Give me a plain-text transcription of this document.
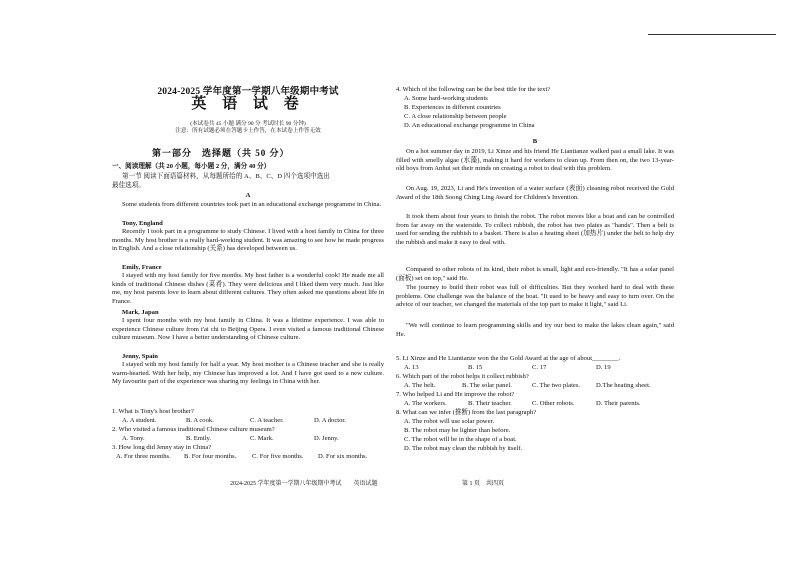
2024-2025 学年度第一学期八年级期中考试
英 语 试 卷
(本试卷共 45 小题 满分 90 分 考试时长 90 分钟)
注意：所有试题必须在答题卡上作答，在本试卷上作答无效
第一部分　选择题（共 50 分）
一、阅读理解（共 20 小题，每小题 2 分，满分 40 分）
第一节 阅读下面语篇材料，从每题所给的 A、B、C、D 四个选项中选出
最佳选项。
A
Some students from different countries took part in an educational exchange programme in China.
Tony, England
Recently I took part in a programme to study Chinese. I lived with a host family in China for three months. My host brother is a really hard-working student. It was amazing to see how he made progress in English. And a close relationship (关系) has developed between us.
Emily, France
I stayed with my host family for five months. My host father is a wonderful cook! He made me all kinds of traditional Chinese dishes (菜肴). They were delicious and I liked them very much. Just like me, my host parents love to learn about different cultures. They often asked me questions about life in France.
Mark, Japan
I spent four months with my host family in China. It was a lifetime experience. I was able to experience Chinese culture from t'ai chi to Beijing Opera. I even visited a famous traditional Chinese culture museum. Now I have a better understanding of Chinese culture.
Jenny, Spain
I stayed with my host family for half a year. My host mother is a Chinese teacher and she is really warm-hearted. With her help, my Chinese has improved a lot. And I have got used to a new culture. My favourite part of the experience was sharing my feelings in China with her.
1. What is Tony's host brother?
A. A student.	B. A cook.	C. A teacher.	D. A doctor.
2. Who visited a famous traditional Chinese culture museum?
A. Tony.	B. Emily.	C. Mark.	D. Jenny.
3. How long did Jenny stay in China?
A. For three months.	B. For four months.	C. For five months.	D. For six months.
4. Which of the following can be the best title for the text?
A. Some hard-working students
B. Experiences in different countries
C. A close relationship between people
D. An educational exchange programme in China
B
On a hot summer day in 2019, Li Xinze and his friend He Liantianze walked past a small lake. It was filled with smelly algae (水藻), making it hard for workers to clean up. From then on, the two 13-year-old boys from Anhui set their minds on creating a robot to deal with this problem.
On Aug. 19, 2023, Li and He's invention of a water surface (表面) cleaning robot received the Gold Award of the 18th Soong Ching Ling Award for Children's Invention.
It took them about four years to finish the robot. The robot moves like a boat and can be controlled from far away on the waterside. To collect rubbish, the robot has two plates as "hands". Then a belt is used for sending the rubbish to a basket. There is also a heating sheet (加热片) under the belt to help dry the rubbish and make it easy to deal with.
Compared to other robots of its kind, their robot is small, light and eco-friendly. "It has a solar panel (面板) set on top," said He.
The journey to build their robot was full of difficulties. But they worked hard to deal with these problems. One challenge was the balance of the boat. "It used to be heavy and easy to turn over. On the advice of our teacher, we changed the materials of the top part to make it light," said Li.
"We will continue to learn programming skills and try our best to make the lakes clean again," said He.
5. Li Xinze and He Liantianze won the the Gold Award at the age of about________.
A. 13	B. 15	C. 17	D. 19
6. Which part of the robot helps it collect rubbish?
A. The belt.	B. The solar panel.	C. The two plates.	D.The heating sheet.
7. Who helped Li and He improve the robot?
A. The workers.	B. Their teacher.	C. Other robots.	D. Their parents.
8. What can we infer (推断) from the last paragraph?
A. The robot will use solar power.
B. The robot may be lighter than before.
C. The robot will be in the shape of a boat.
D. The robot may clean the rubbish by itself.
2024-2025 学年度第一学期八年级期中考试　　英语试题	第 1 页　共四页
